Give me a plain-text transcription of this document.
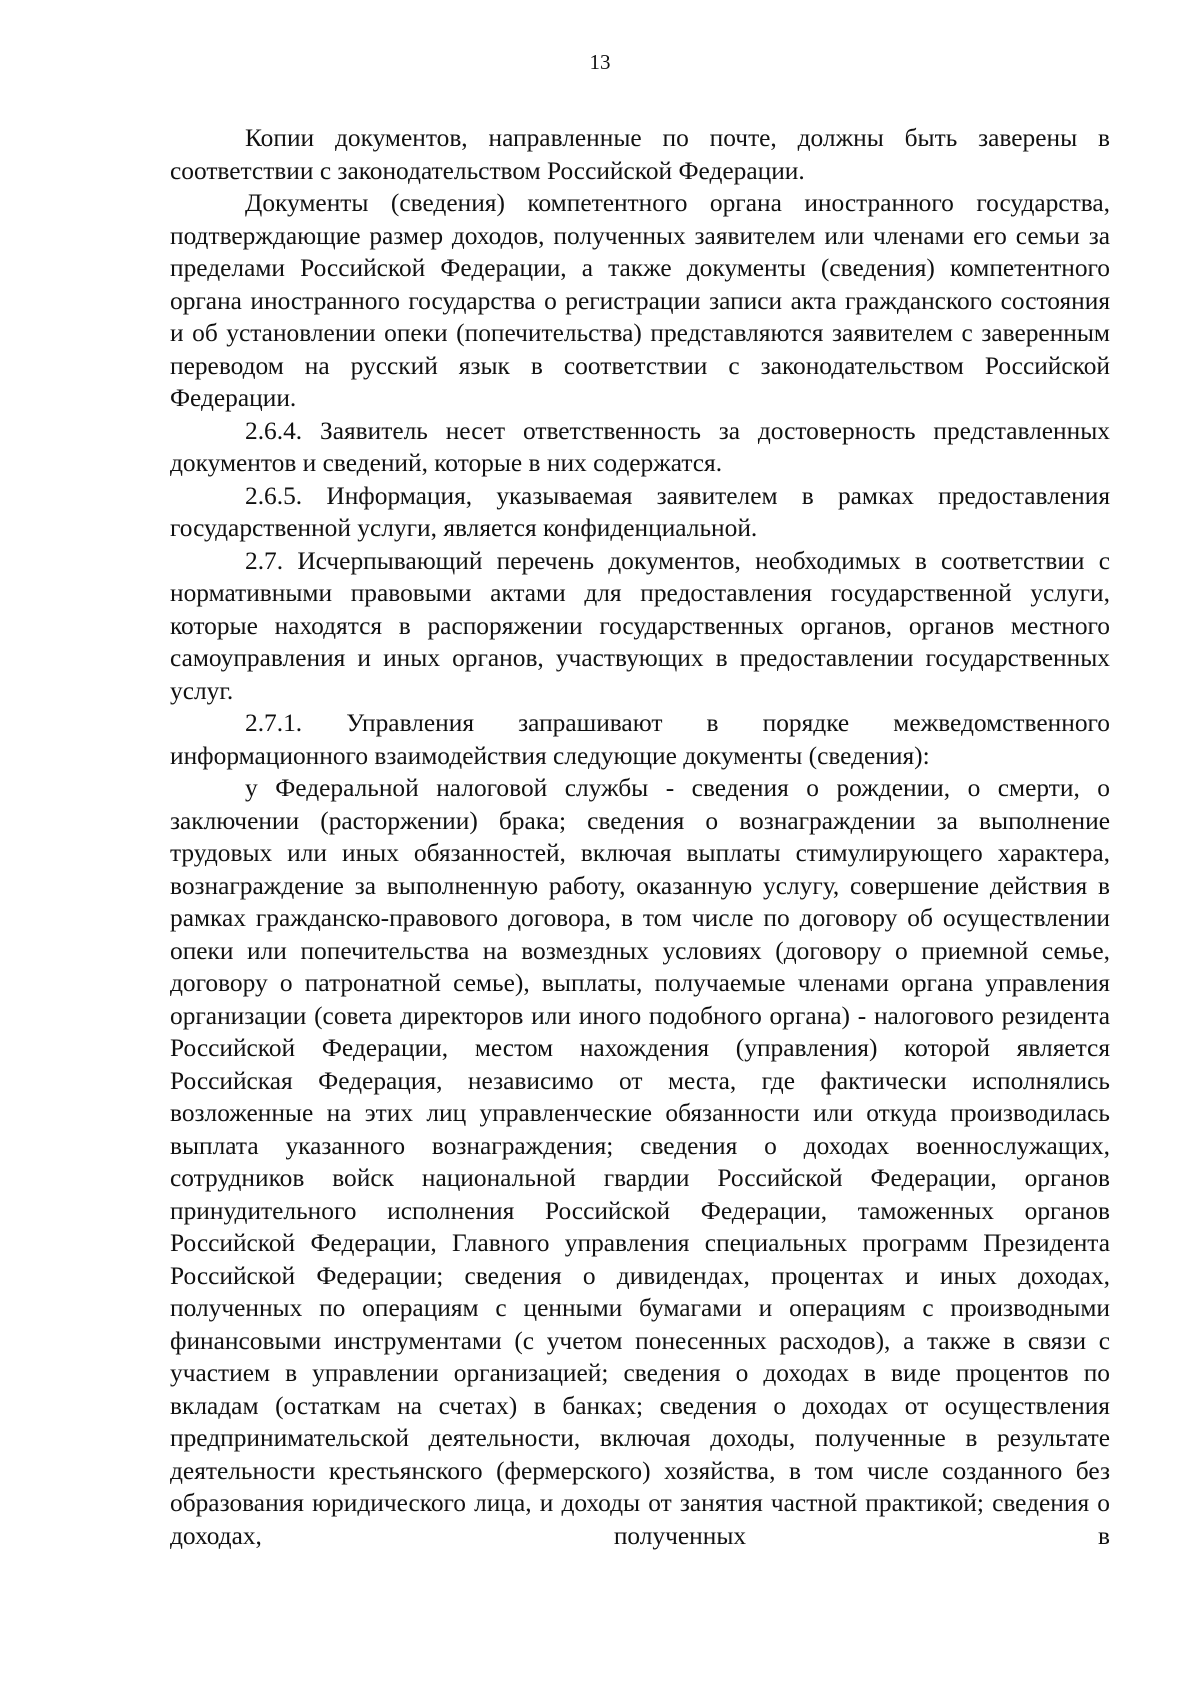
13

Копии документов, направленные по почте, должны быть заверены в соответствии с законодательством Российской Федерации.

Документы (сведения) компетентного органа иностранного государства, подтверждающие размер доходов, полученных заявителем или членами его семьи за пределами Российской Федерации, а также документы (сведения) компетентного органа иностранного государства о регистрации записи акта гражданского состояния и об установлении опеки (попечительства) представляются заявителем с заверенным переводом на русский язык в соответствии с законодательством Российской Федерации.

2.6.4. Заявитель несет ответственность за достоверность представленных документов и сведений, которые в них содержатся.

2.6.5. Информация, указываемая заявителем в рамках предоставления государственной услуги, является конфиденциальной.

2.7. Исчерпывающий перечень документов, необходимых в соответствии с нормативными правовыми актами для предоставления государственной услуги, которые находятся в распоряжении государственных органов, органов местного самоуправления и иных органов, участвующих в предоставлении государственных услуг.

2.7.1. Управления запрашивают в порядке межведомственного информационного взаимодействия следующие документы (сведения):

у Федеральной налоговой службы - сведения о рождении, о смерти, о заключении (расторжении) брака; сведения о вознаграждении за выполнение трудовых или иных обязанностей, включая выплаты стимулирующего характера, вознаграждение за выполненную работу, оказанную услугу, совершение действия в рамках гражданско-правового договора, в том числе по договору об осуществлении опеки или попечительства на возмездных условиях (договору о приемной семье, договору о патронатной семье), выплаты, получаемые членами органа управления организации (совета директоров или иного подобного органа) - налогового резидента Российской Федерации, местом нахождения (управления) которой является Российская Федерация, независимо от места, где фактически исполнялись возложенные на этих лиц управленческие обязанности или откуда производилась выплата указанного вознаграждения; сведения о доходах военнослужащих, сотрудников войск национальной гвардии Российской Федерации, органов принудительного исполнения Российской Федерации, таможенных органов Российской Федерации, Главного управления специальных программ Президента Российской Федерации; сведения о дивидендах, процентах и иных доходах, полученных по операциям с ценными бумагами и операциям с производными финансовыми инструментами (с учетом понесенных расходов), а также в связи с участием в управлении организацией; сведения о доходах в виде процентов по вкладам (остаткам на счетах) в банках; сведения о доходах от осуществления предпринимательской деятельности, включая доходы, полученные в результате деятельности крестьянского (фермерского) хозяйства, в том числе созданного без образования юридического лица, и доходы от занятия частной практикой; сведения о доходах, полученных в
